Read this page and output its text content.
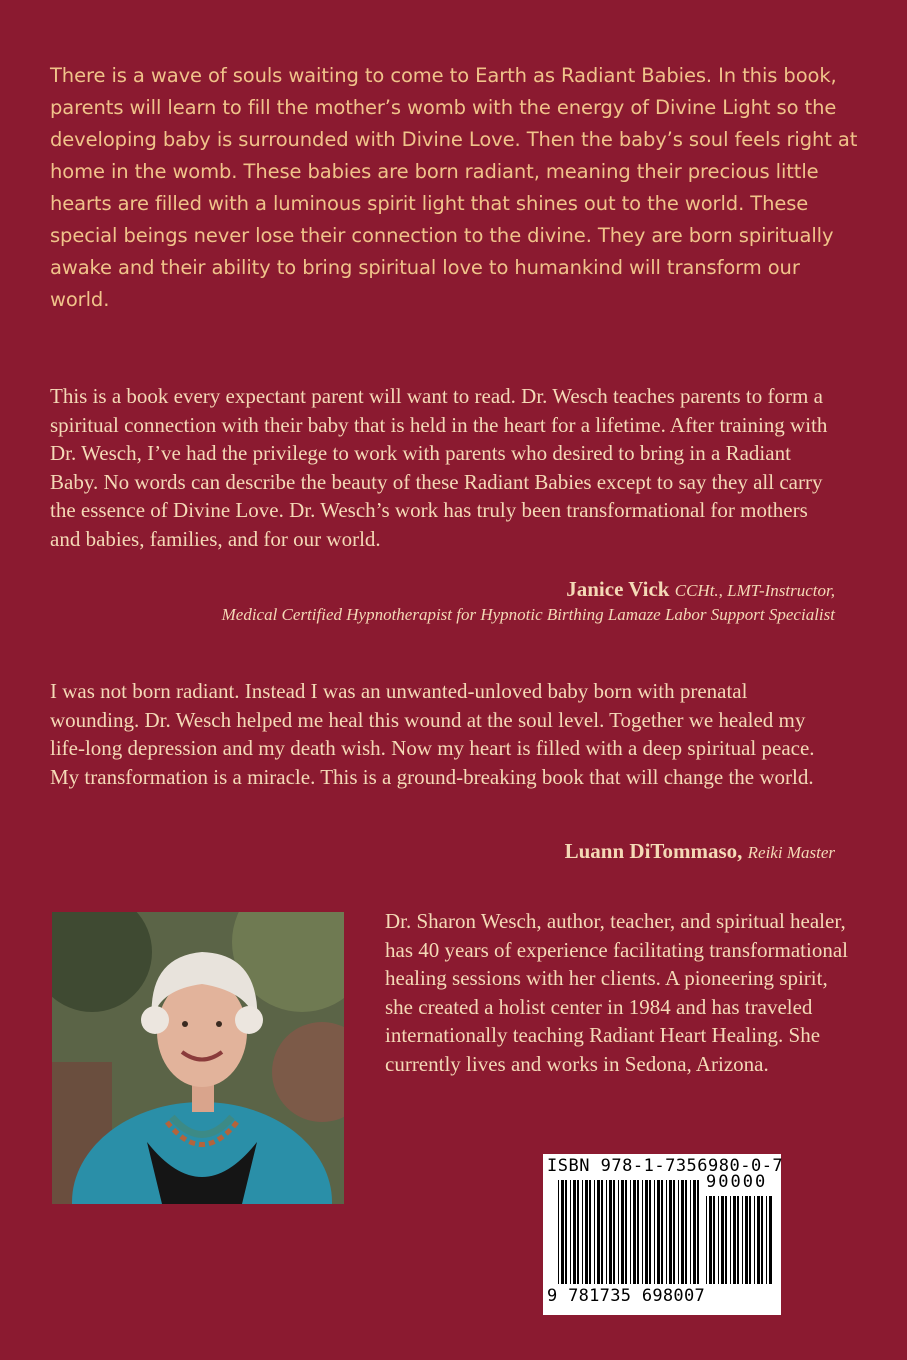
There is a wave of souls waiting to come to Earth as Radiant Babies. In this book, parents will learn to fill the mother’s womb with the energy of Divine Light so the developing baby is surrounded with Divine Love. Then the baby’s soul feels right at home in the womb. These babies are born radiant, meaning their precious little hearts are filled with a luminous spirit light that shines out to the world. These special beings never lose their connection to the divine. They are born spiritually awake and their ability to bring spiritual love to humankind will transform our world.

This is a book every expectant parent will want to read. Dr. Wesch teaches parents to form a spiritual connection with their baby that is held in the heart for a lifetime. After training with Dr. Wesch, I’ve had the privilege to work with parents who desired to bring in a Radiant Baby. No words can describe the beauty of these Radiant Babies except to say they all carry the essence of Divine Love. Dr. Wesch’s work has truly been transformational for mothers and babies, families, and for our world.

Janice Vick CCHt., LMT-Instructor,

Medical Certified Hypnotherapist for Hypnotic Birthing Lamaze Labor Support Specialist

I was not born radiant. Instead I was an unwanted-unloved baby born with prenatal wounding. Dr. Wesch helped me heal this wound at the soul level. Together we healed my life-long depression and my death wish. Now my heart is filled with a deep spiritual peace. My transformation is a miracle. This is a ground-breaking book that will change the world.

Luann DiTommaso, Reiki Master

Dr. Sharon Wesch, author, teacher, and spiritual healer, has 40 years of experience facilitating transformational healing sessions with her clients. A pioneering spirit, she created a holist center in 1984 and has traveled internationally teaching Radiant Heart Healing. She currently lives and works in Sedona, Arizona.

ISBN 978-1-7356980-0-7
90000
9 781735 698007
